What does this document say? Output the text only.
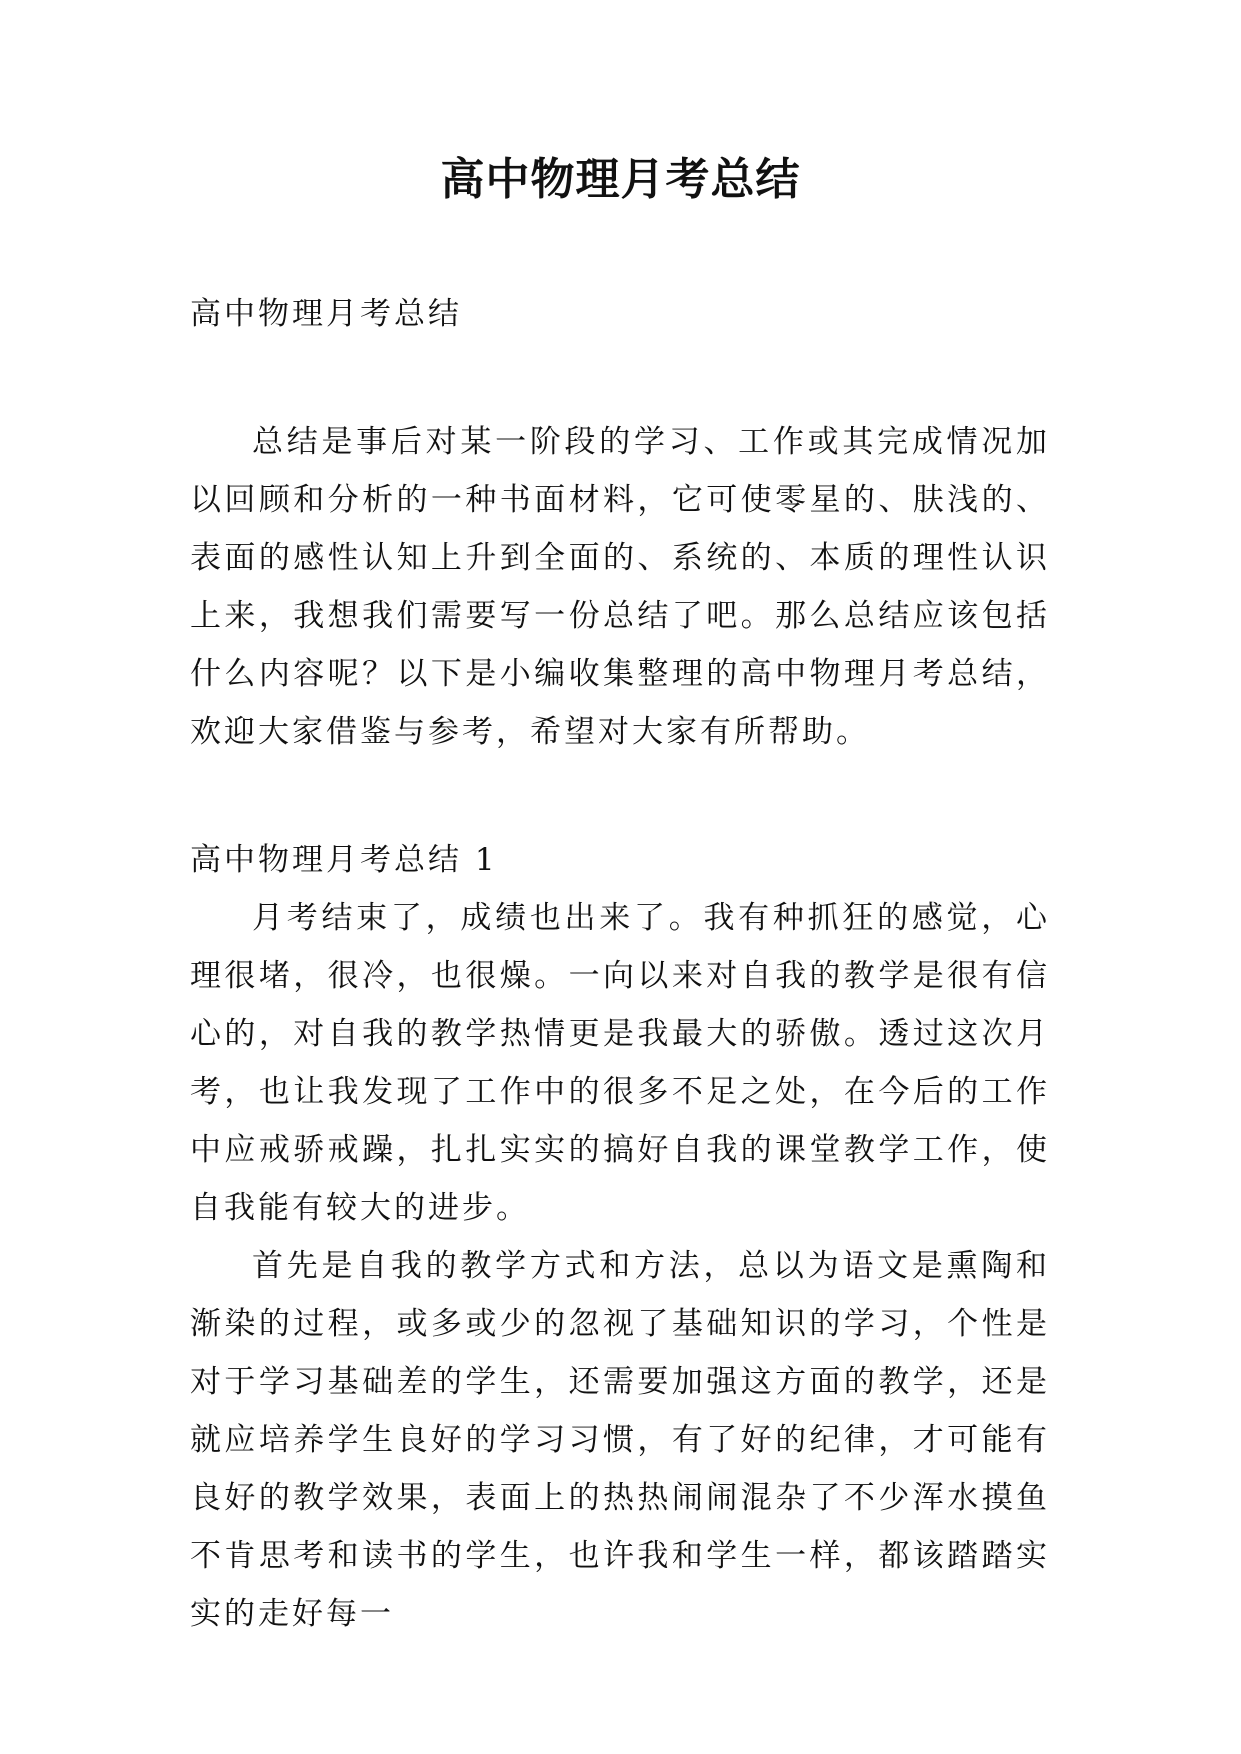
高中物理月考总结

高中物理月考总结

总结是事后对某一阶段的学习、工作或其完成情况加以回顾和分析的一种书面材料，它可使零星的、肤浅的、表面的感性认知上升到全面的、系统的、本质的理性认识上来，我想我们需要写一份总结了吧。那么总结应该包括什么内容呢？以下是小编收集整理的高中物理月考总结，欢迎大家借鉴与参考，希望对大家有所帮助。

高中物理月考总结 1

月考结束了，成绩也出来了。我有种抓狂的感觉，心理很堵，很冷，也很燥。一向以来对自我的教学是很有信心的，对自我的教学热情更是我最大的骄傲。透过这次月考，也让我发现了工作中的很多不足之处，在今后的工作中应戒骄戒躁，扎扎实实的搞好自我的课堂教学工作，使自我能有较大的进步。

首先是自我的教学方式和方法，总以为语文是熏陶和渐染的过程，或多或少的忽视了基础知识的学习，个性是对于学习基础差的学生，还需要加强这方面的教学，还是就应培养学生良好的学习习惯，有了好的纪律，才可能有良好的教学效果，表面上的热热闹闹混杂了不少浑水摸鱼不肯思考和读书的学生，也许我和学生一样，都该踏踏实实的走好每一
